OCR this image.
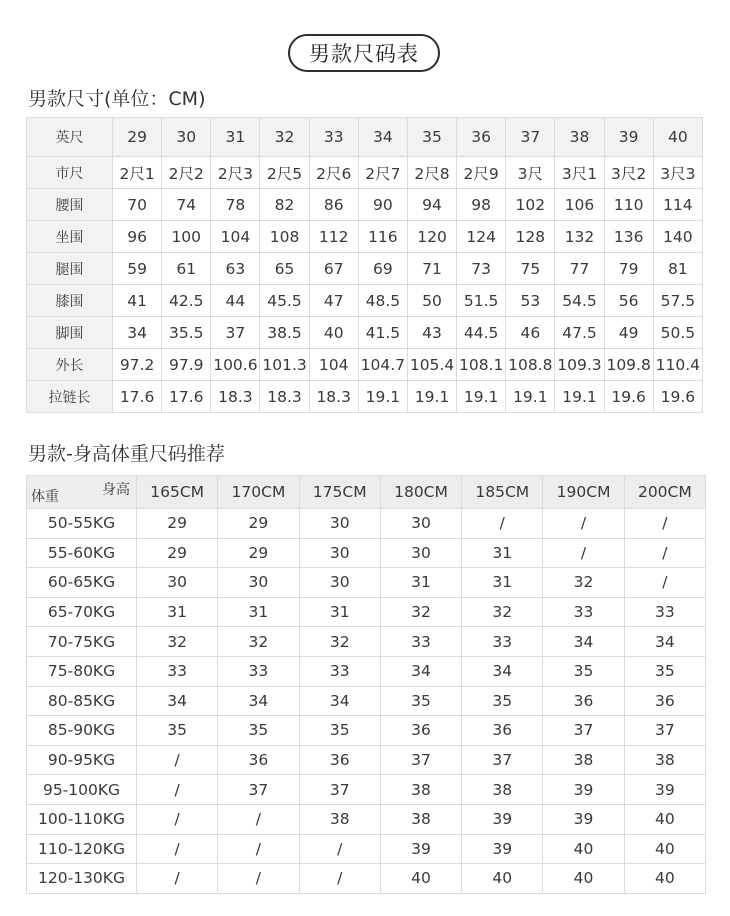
男款尺码表
男款尺寸(单位：CM)
英尺	29	30	31	32	33	34	35	36	37	38	39	40
市尺	2尺1	2尺2	2尺3	2尺5	2尺6	2尺7	2尺8	2尺9	3尺	3尺1	3尺2	3尺3
腰围	70	74	78	82	86	90	94	98	102	106	110	114
坐围	96	100	104	108	112	116	120	124	128	132	136	140
腿围	59	61	63	65	67	69	71	73	75	77	79	81
膝围	41	42.5	44	45.5	47	48.5	50	51.5	53	54.5	56	57.5
脚围	34	35.5	37	38.5	40	41.5	43	44.5	46	47.5	49	50.5
外长	97.2	97.9	100.6	101.3	104	104.7	105.4	108.1	108.8	109.3	109.8	110.4
拉链长	17.6	17.6	18.3	18.3	18.3	19.1	19.1	19.1	19.1	19.1	19.6	19.6
男款-身高体重尺码推荐
身高
体重	165CM	170CM	175CM	180CM	185CM	190CM	200CM
50-55KG	29	29	30	30	/	/	/
55-60KG	29	29	30	30	31	/	/
60-65KG	30	30	30	31	31	32	/
65-70KG	31	31	31	32	32	33	33
70-75KG	32	32	32	33	33	34	34
75-80KG	33	33	33	34	34	35	35
80-85KG	34	34	34	35	35	36	36
85-90KG	35	35	35	36	36	37	37
90-95KG	/	36	36	37	37	38	38
95-100KG	/	37	37	38	38	39	39
100-110KG	/	/	38	38	39	39	40
110-120KG	/	/	/	39	39	40	40
120-130KG	/	/	/	40	40	40	40
